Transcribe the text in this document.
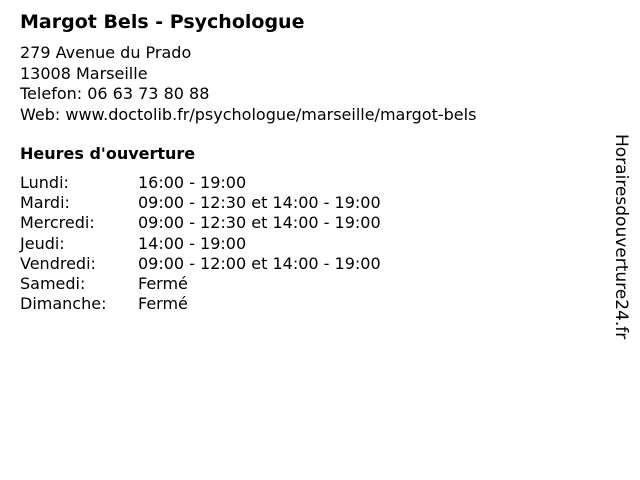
Margot Bels - Psychologue
279 Avenue du Prado
13008 Marseille
Telefon: 06 63 73 80 88
Web: www.doctolib.fr/psychologue/marseille/margot-bels
Heures d'ouverture
Lundi:	16:00 - 19:00
Mardi:	09:00 - 12:30 et 14:00 - 19:00
Mercredi:	09:00 - 12:30 et 14:00 - 19:00
Jeudi:	14:00 - 19:00
Vendredi:	09:00 - 12:00 et 14:00 - 19:00
Samedi:	Fermé
Dimanche:	Fermé	Horairesdouverture24.fr
